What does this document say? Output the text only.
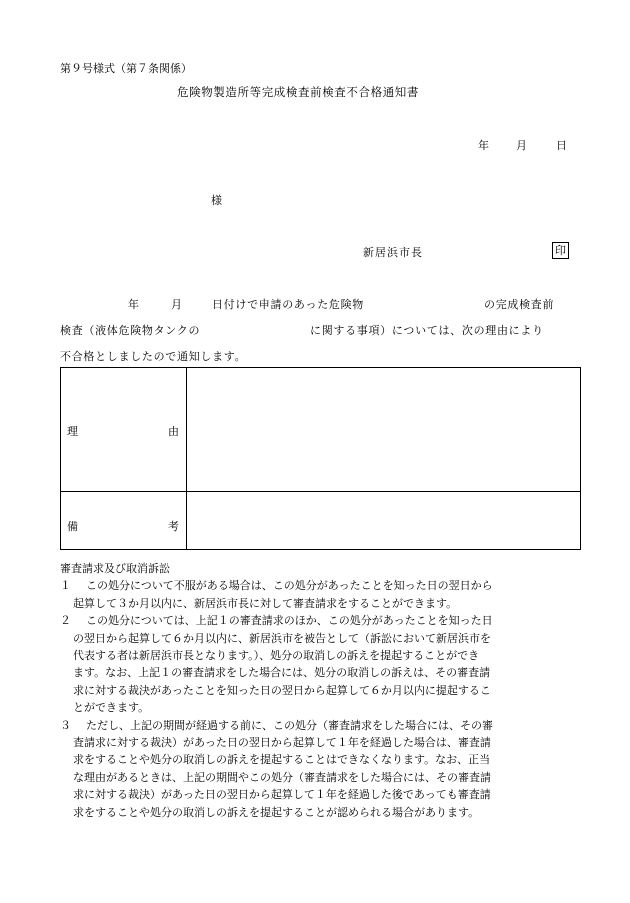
第９号様式（第７条関係）
危険物製造所等完成検査前検査不合格通知書
年 月	日
様
新居浜市長	印
年	月	日付けで申請のあった危険物	の完成検査前
検査（液体危険物タンクの	に関する事項）については、次の理由により
不合格としましたので通知します。
理	由
備	考

審査請求及び取消訴訟

１	この処分について不服がある場合は、この処分があったことを知った日の翌日から

起算して３か月以内に、新居浜市長に対して審査請求をすることができます。

２	この処分については、上記１の審査請求のほか、この処分があったことを知った日

の翌日から起算して６か月以内に、新居浜市を被告として（訴訟において新居浜市を

代表する者は新居浜市長となります。）、処分の取消しの訴えを提起することができ

ます。なお、上記１の審査請求をした場合には、処分の取消しの訴えは、その審査請

求に対する裁決があったことを知った日の翌日から起算して６か月以内に提起するこ

とができます。

３	ただし、上記の期間が経過する前に、この処分（審査請求をした場合には、その審

査請求に対する裁決）があった日の翌日から起算して１年を経過した場合は、審査請

求をすることや処分の取消しの訴えを提起することはできなくなります。なお、正当

な理由があるときは、上記の期間やこの処分（審査請求をした場合には、その審査請

求に対する裁決）があった日の翌日から起算して１年を経過した後であっても審査請

求をすることや処分の取消しの訴えを提起することが認められる場合があります。
